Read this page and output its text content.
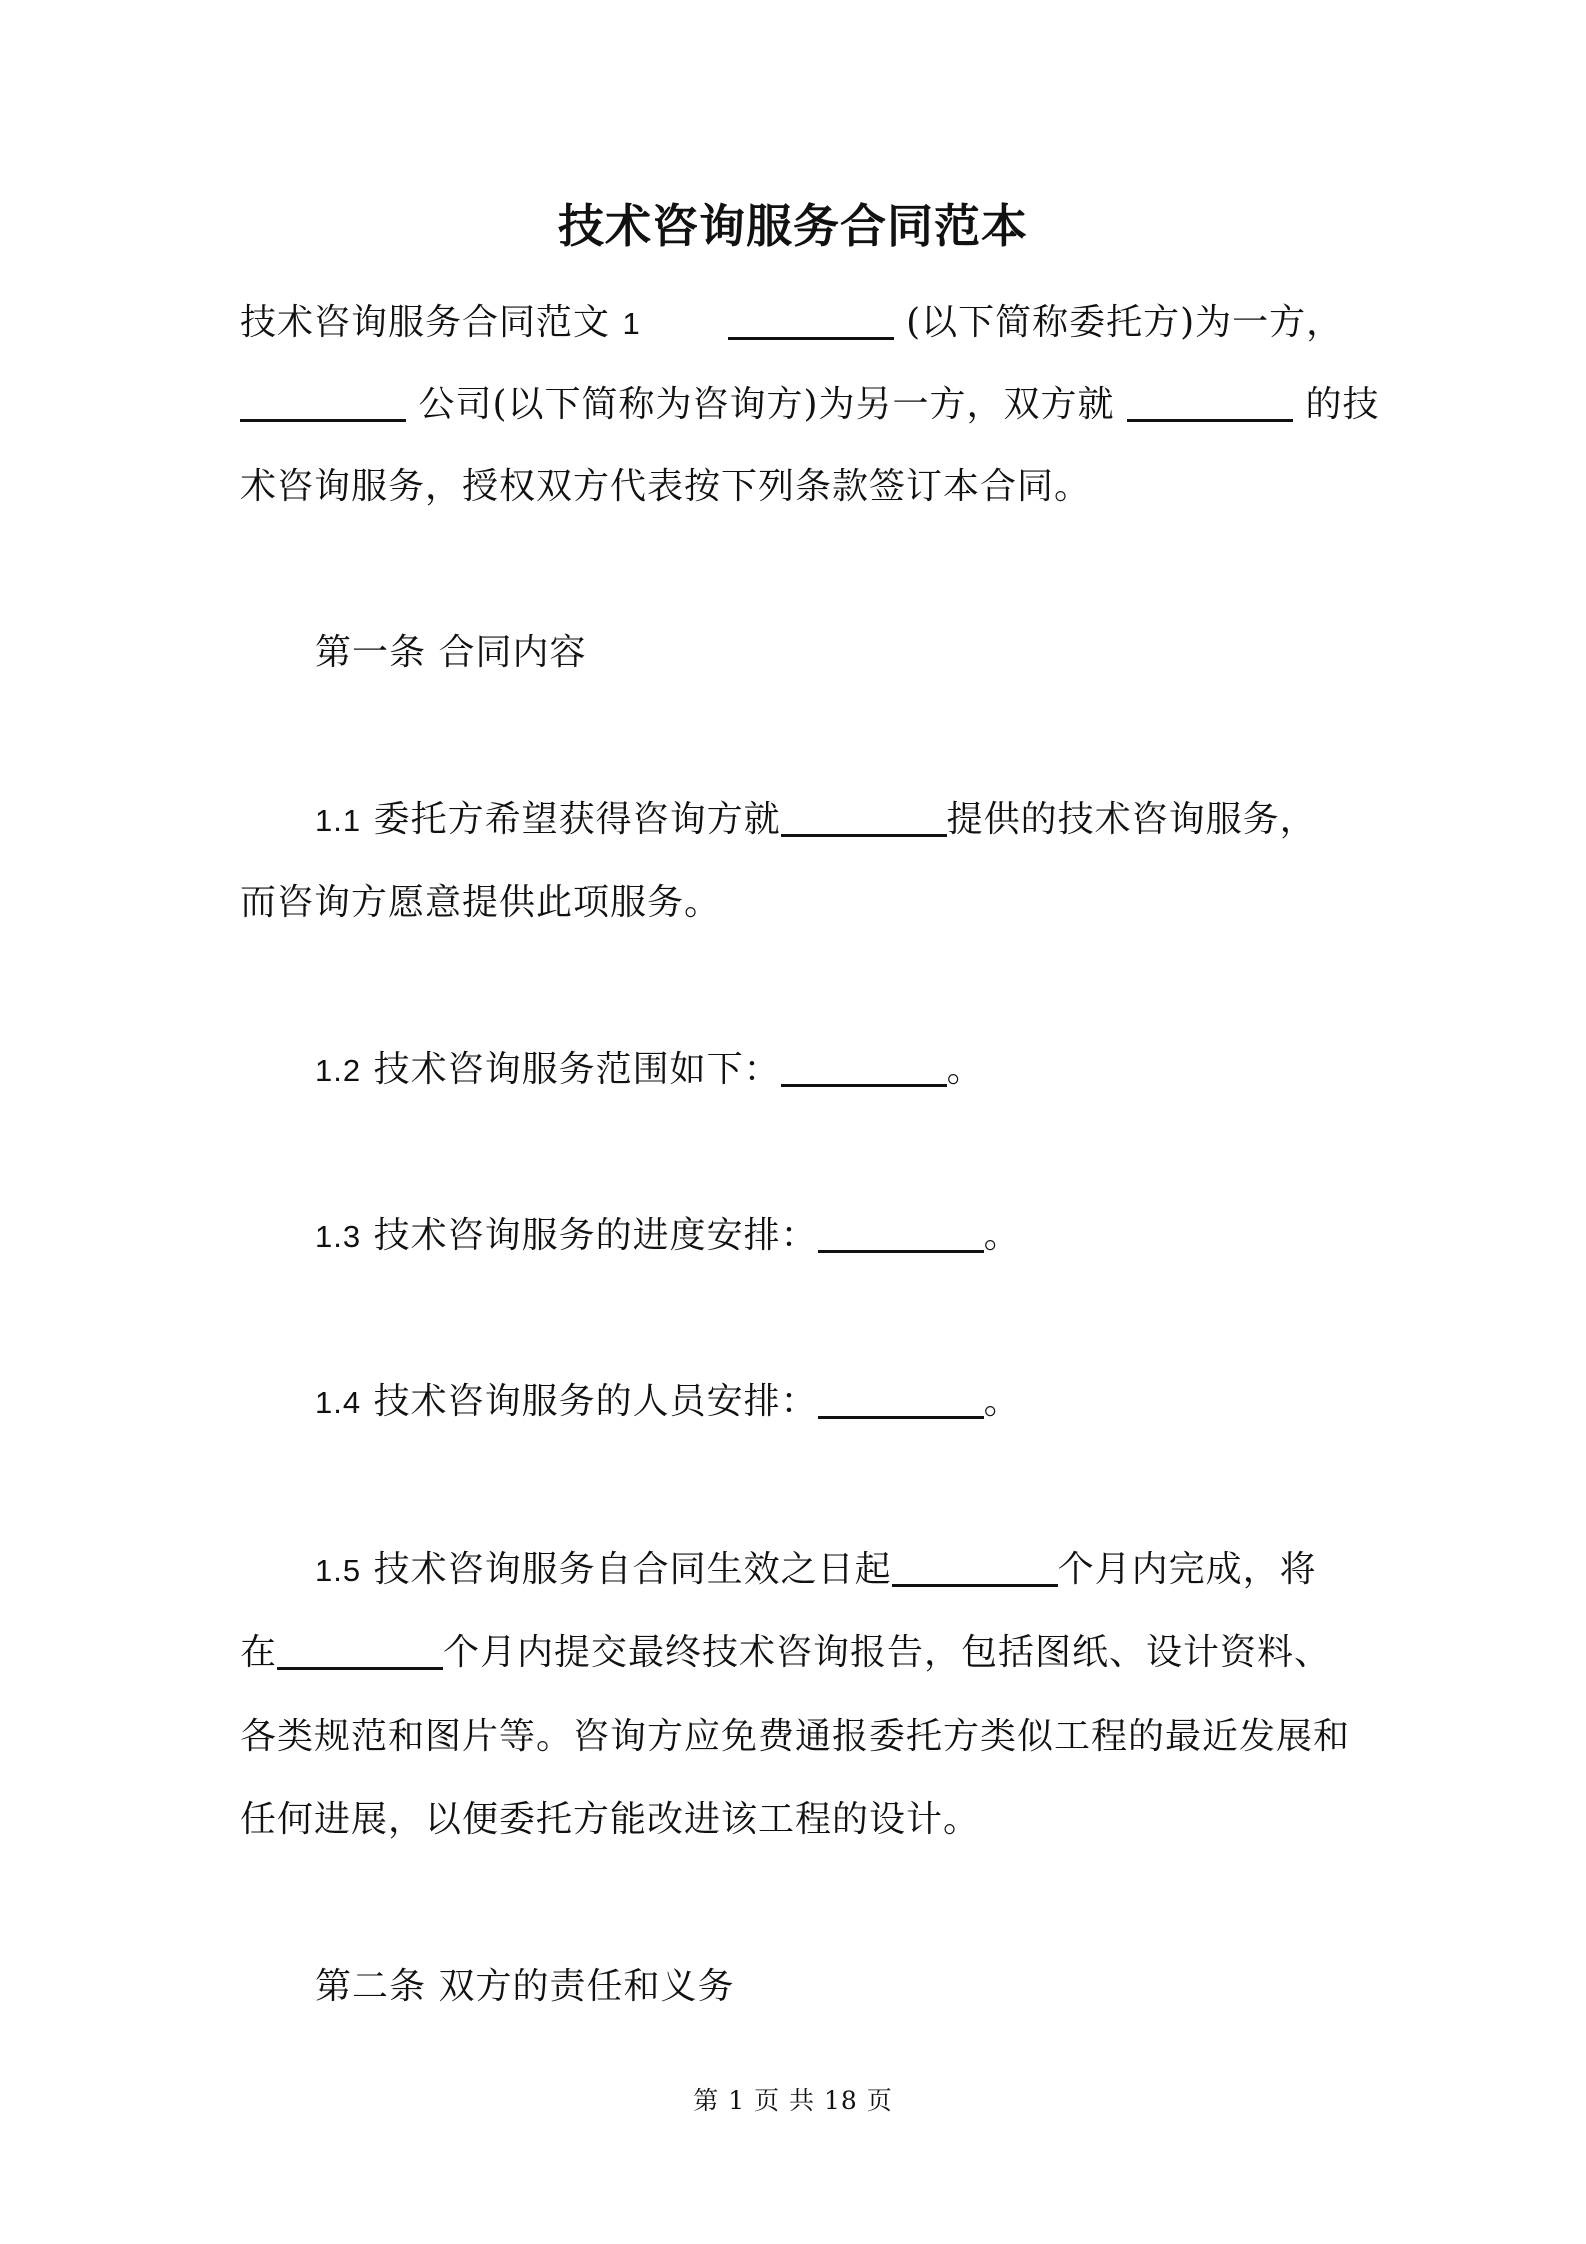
技术咨询服务合同范本
技术咨询服务合同范文 1	(以下简称委托方)为一方，
公司(以下简称为咨询方)为另一方，双方就	的技
术咨询服务，授权双方代表按下列条款签订本合同。
第一条 合同内容
1.1 委托方希望获得咨询方就	提供的技术咨询服务，
而咨询方愿意提供此项服务。
1.2 技术咨询服务范围如下：	。
1.3 技术咨询服务的进度安排：	。
1.4 技术咨询服务的人员安排：	。
1.5 技术咨询服务自合同生效之日起	个月内完成，将
在	个月内提交最终技术咨询报告，包括图纸、设计资料、
各类规范和图片等。咨询方应免费通报委托方类似工程的最近发展和
任何进展，以便委托方能改进该工程的设计。
第二条 双方的责任和义务
第 1 页 共 18 页
